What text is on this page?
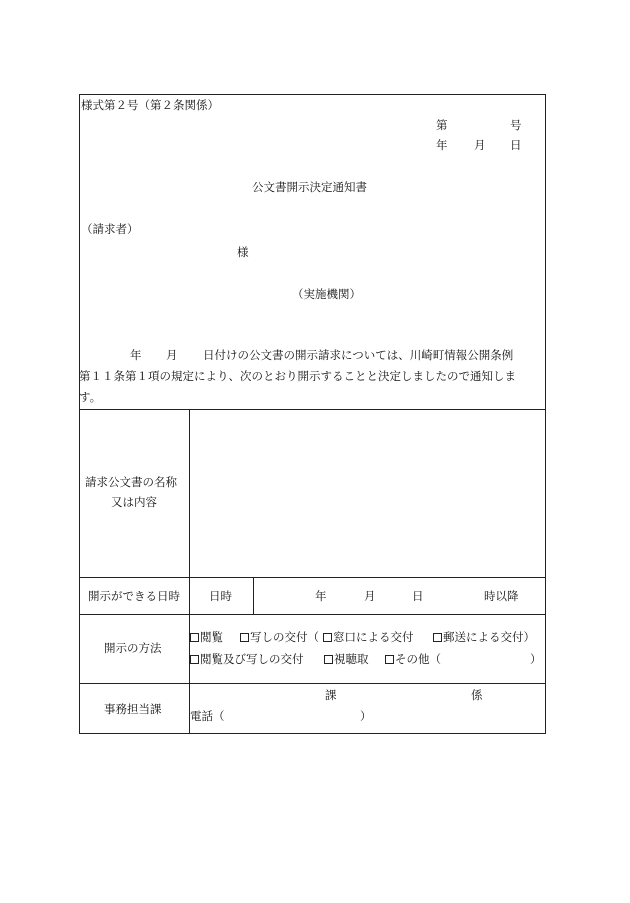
様式第２号（第２条関係）
第	号
年 月 日
公文書開示決定通知書
（請求者）
様
（実施機関）
年 月 日付けの公文書の開示請求については、川崎町情報公開条例
第１１条第１項の規定により、次のとおり開示することと決定しましたので通知しま
す。
請求公文書の名称
又は内容
開示ができる日時	日時	年	月	日	時以降
開示の方法
閲覧	写しの交付（	窓口による交付	郵送による交付）
閲覧及び写しの交付	視聴取	その他（	）
事務担当課
課	係
電話（	）
